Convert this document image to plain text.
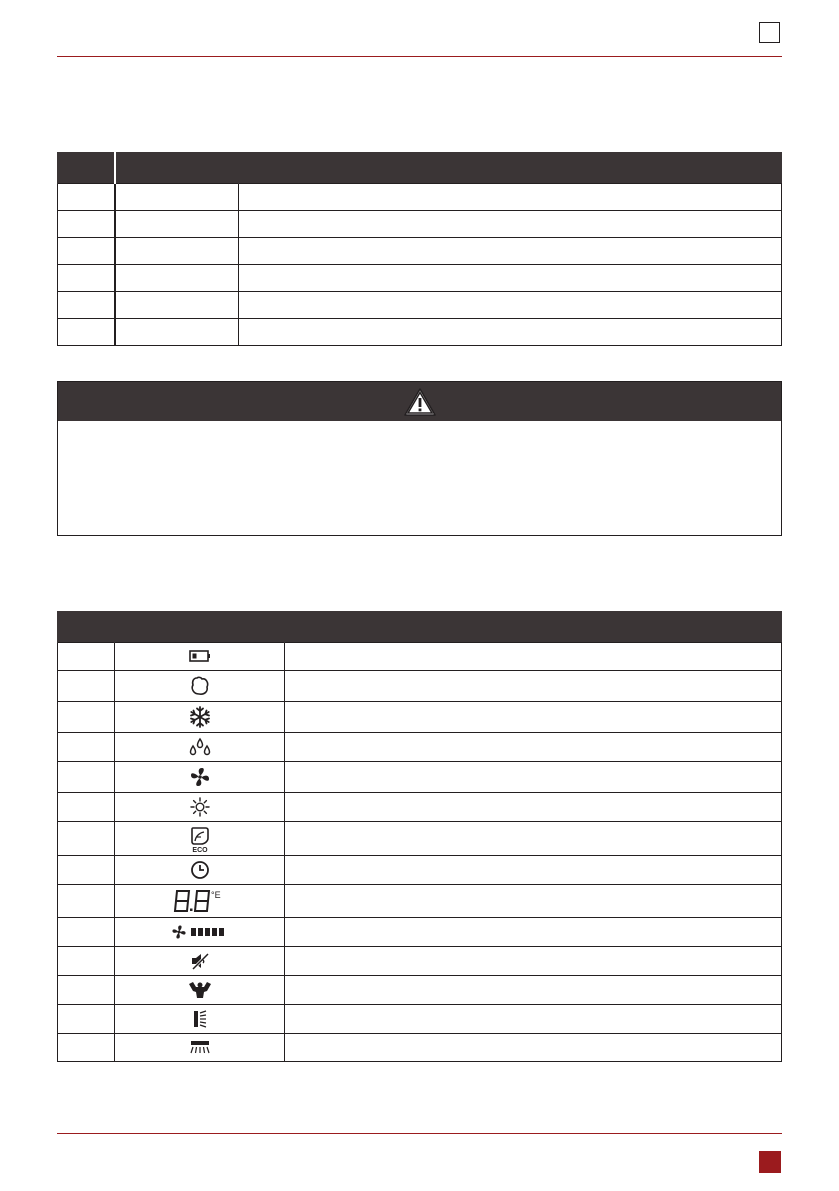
ECO	

°E	
